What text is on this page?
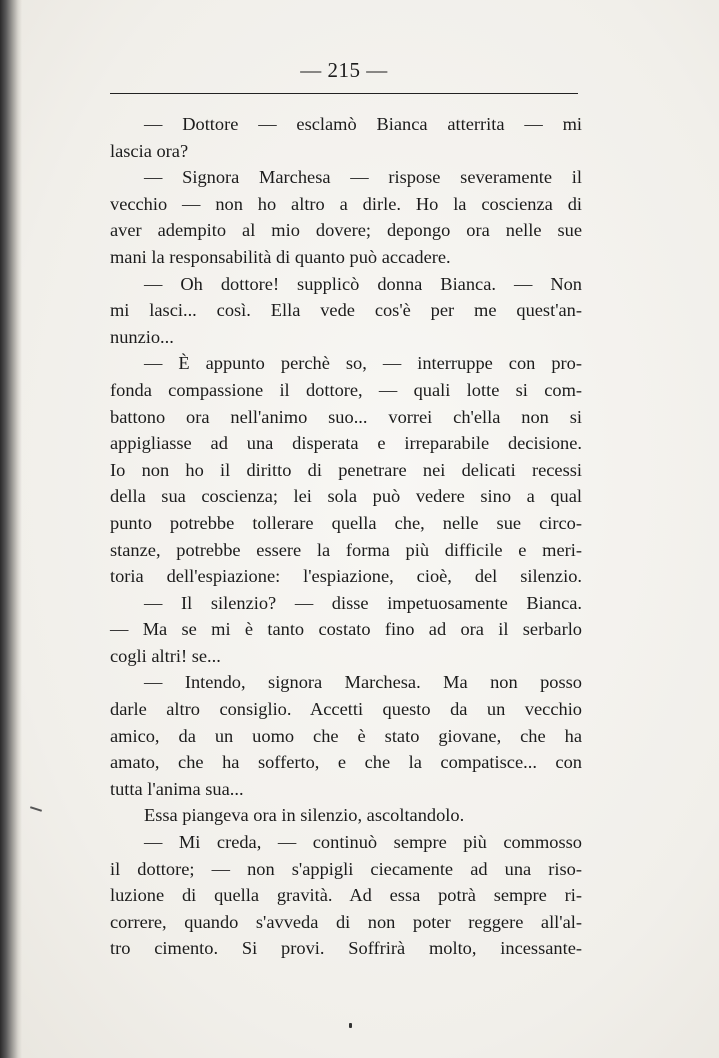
— 215 —
— Dottore — esclamò Bianca atterrita — mi
lascia ora?
— Signora Marchesa — rispose severamente il
vecchio — non ho altro a dirle. Ho la coscienza di
aver adempito al mio dovere; depongo ora nelle sue
mani la responsabilità di quanto può accadere.
— Oh dottore! supplicò donna Bianca. — Non
mi lasci... così. Ella vede cos'è per me quest'an-
nunzio...
— È appunto perchè so, — interruppe con pro-
fonda compassione il dottore, — quali lotte si com-
battono ora nell'animo suo... vorrei ch'ella non si
appigliasse ad una disperata e irreparabile decisione.
Io non ho il diritto di penetrare nei delicati recessi
della sua coscienza; lei sola può vedere sino a qual
punto potrebbe tollerare quella che, nelle sue circo-
stanze, potrebbe essere la forma più difficile e meri-
toria dell'espiazione: l'espiazione, cioè, del silenzio.
— Il silenzio? — disse impetuosamente Bianca.
— Ma se mi è tanto costato fino ad ora il serbarlo
cogli altri! se...
— Intendo, signora Marchesa. Ma non posso
darle altro consiglio. Accetti questo da un vecchio
amico, da un uomo che è stato giovane, che ha
amato, che ha sofferto, e che la compatisce... con
tutta l'anima sua...
Essa piangeva ora in silenzio, ascoltandolo.
— Mi creda, — continuò sempre più commosso
il dottore; — non s'appigli ciecamente ad una riso-
luzione di quella gravità. Ad essa potrà sempre ri-
correre, quando s'avveda di non poter reggere all'al-
tro cimento. Si provi. Soffrirà molto, incessante-
